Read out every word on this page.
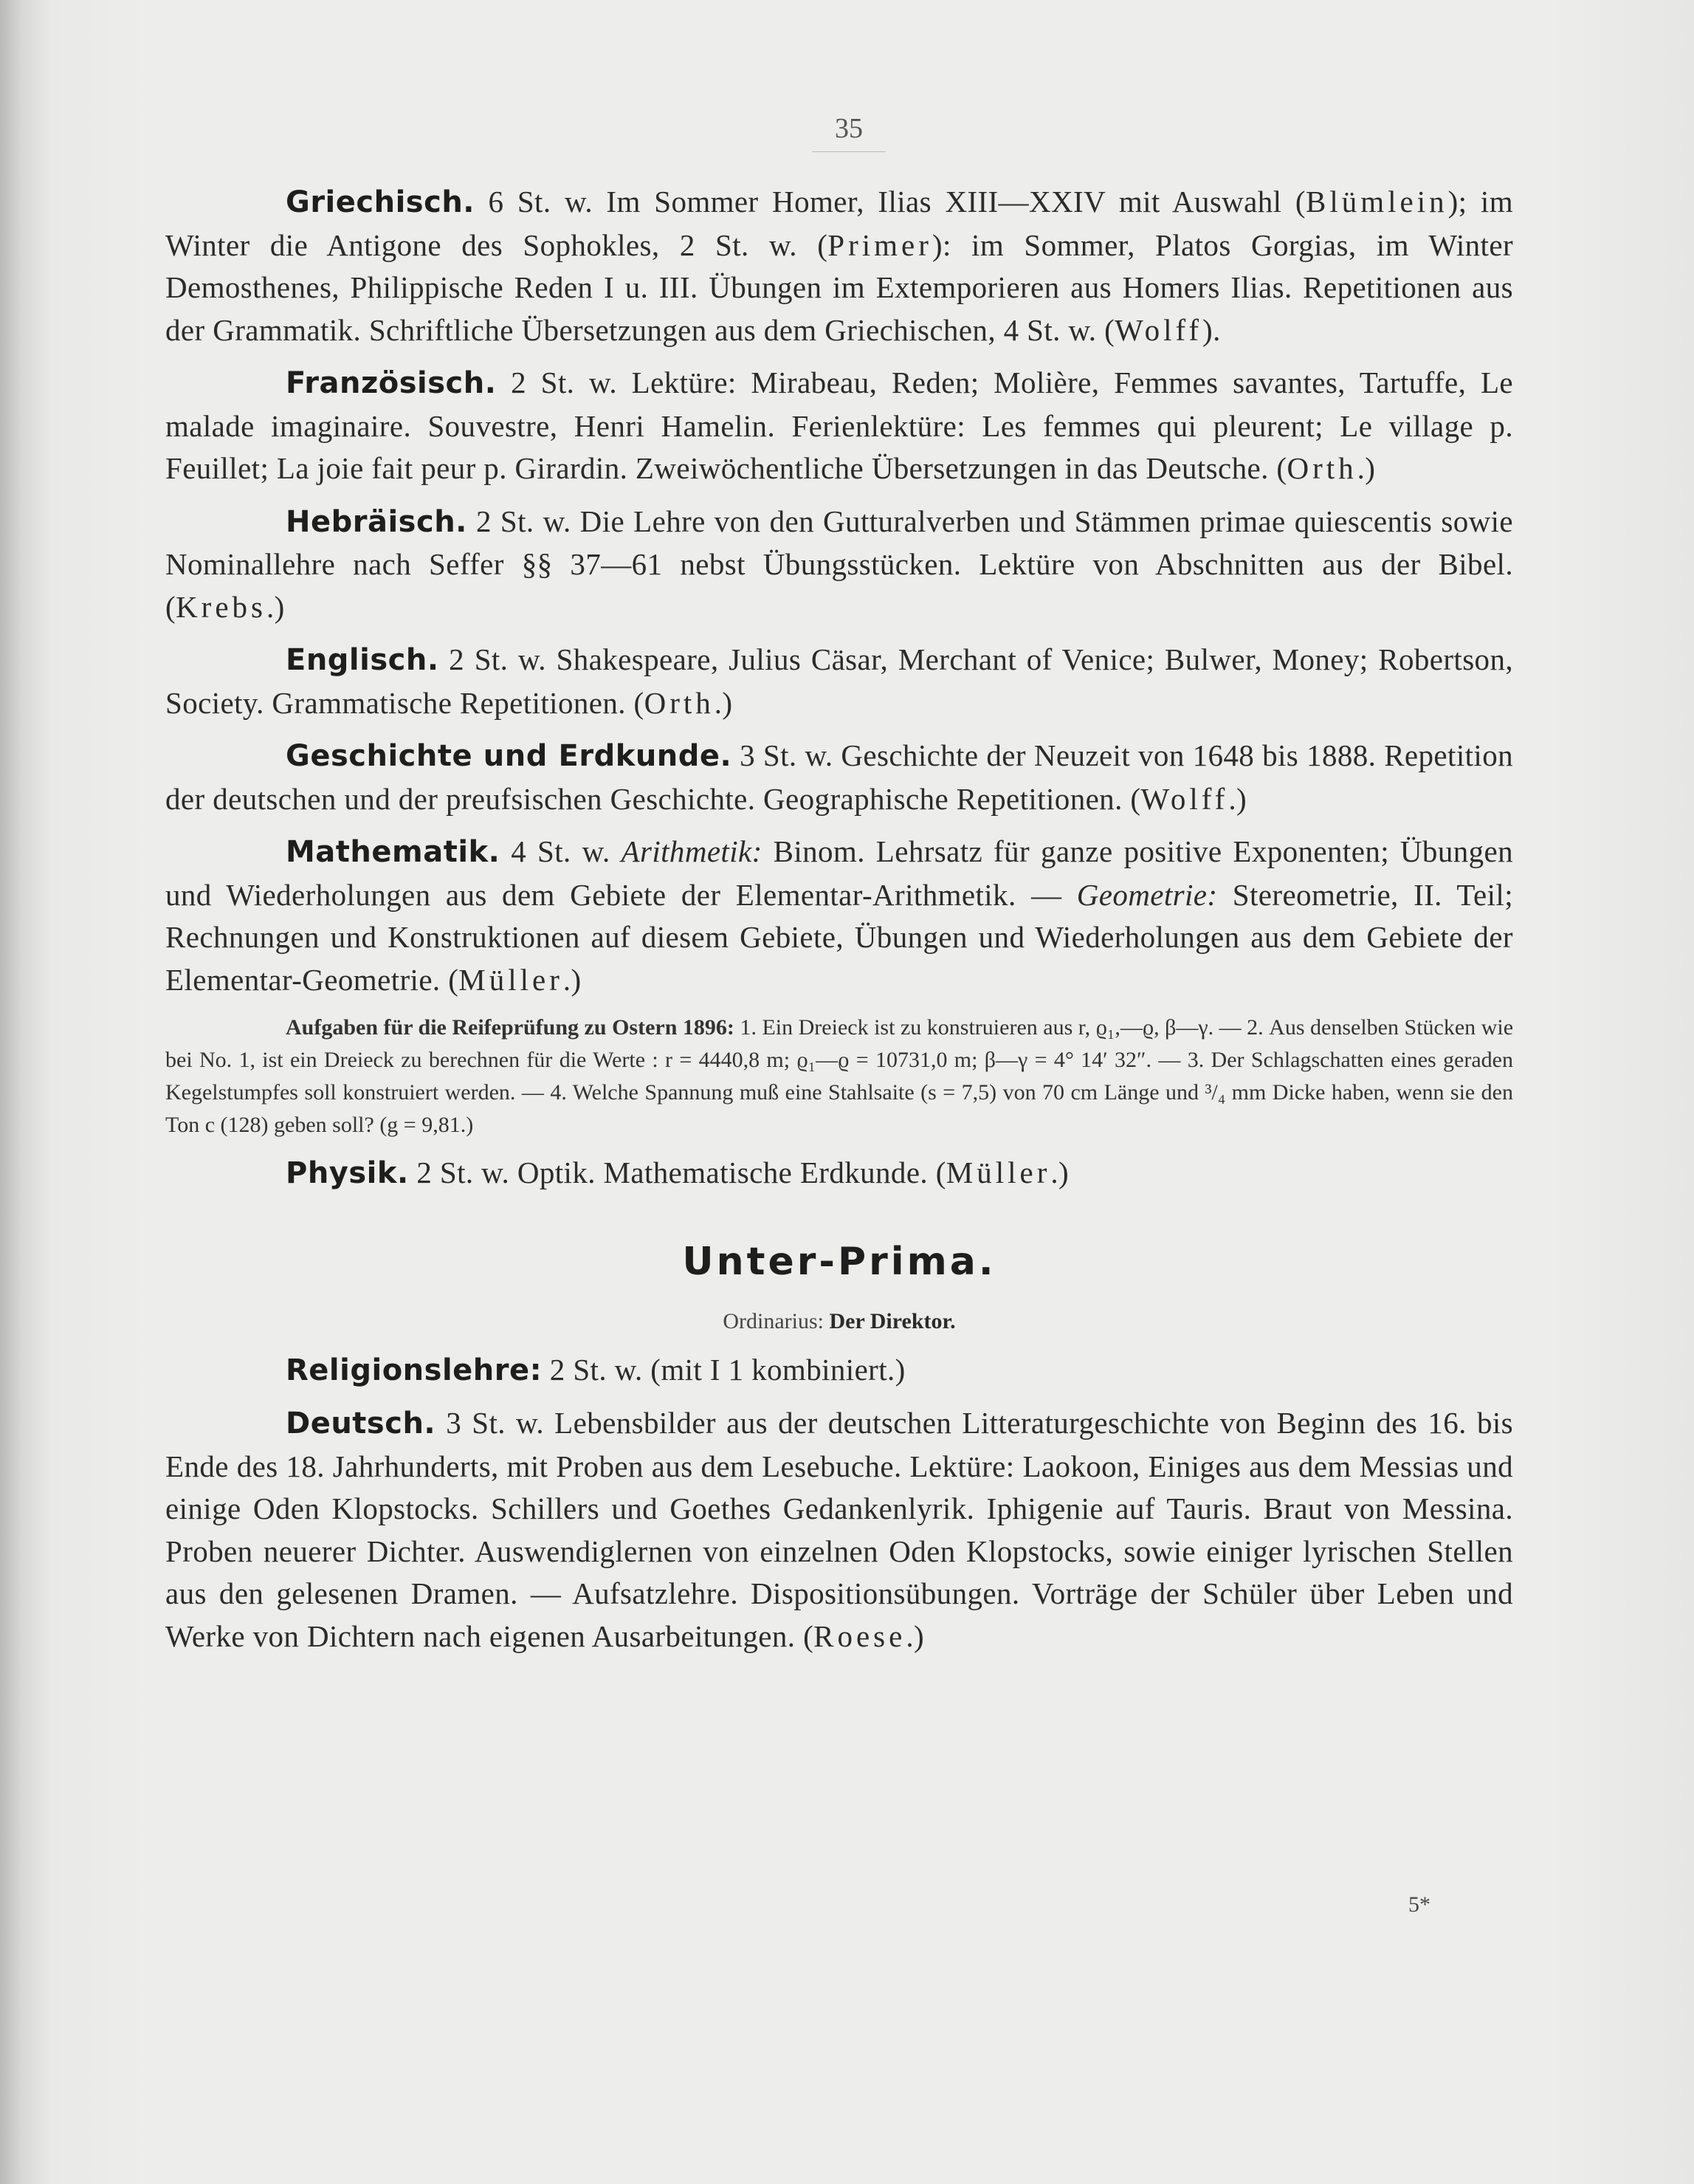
35

Griechisch. 6 St. w. Im Sommer Homer, Ilias XIII—XXIV mit Auswahl (Blümlein); im Winter die Antigone des Sophokles, 2 St. w. (Primer): im Sommer, Platos Gorgias, im Winter Demosthenes, Philippische Reden I u. III. Übungen im Extemporieren aus Homers Ilias. Repetitionen aus der Grammatik. Schriftliche Übersetzungen aus dem Griechischen, 4 St. w. (Wolff).

Französisch. 2 St. w. Lektüre: Mirabeau, Reden; Molière, Femmes savantes, Tartuffe, Le malade imaginaire. Souvestre, Henri Hamelin. Ferienlektüre: Les femmes qui pleurent; Le village p. Feuillet; La joie fait peur p. Girardin. Zweiwöchentliche Übersetzungen in das Deutsche. (Orth.)

Hebräisch. 2 St. w. Die Lehre von den Gutturalverben und Stämmen primae quiescentis sowie Nominallehre nach Seffer §§ 37—61 nebst Übungsstücken. Lektüre von Abschnitten aus der Bibel. (Krebs.)

Englisch. 2 St. w. Shakespeare, Julius Cäsar, Merchant of Venice; Bulwer, Money; Robertson, Society. Grammatische Repetitionen. (Orth.)

Geschichte und Erdkunde. 3 St. w. Geschichte der Neuzeit von 1648 bis 1888. Repetition der deutschen und der preufsischen Geschichte. Geographische Repetitionen. (Wolff.)

Mathematik. 4 St. w. Arithmetik: Binom. Lehrsatz für ganze positive Exponenten; Übungen und Wiederholungen aus dem Gebiete der Elementar-Arithmetik. — Geometrie: Stereometrie, II. Teil; Rechnungen und Konstruktionen auf diesem Gebiete, Übungen und Wiederholungen aus dem Gebiete der Elementar-Geometrie. (Müller.)

Aufgaben für die Reifeprüfung zu Ostern 1896: 1. Ein Dreieck ist zu konstruieren aus r, ϱ₁,—ϱ, β—γ. — 2. Aus denselben Stücken wie bei No. 1, ist ein Dreieck zu berechnen für die Werte : r = 4440,8 m; ϱ₁—ϱ = 10731,0 m; β—γ = 4° 14′ 32″. — 3. Der Schlagschatten eines geraden Kegelstumpfes soll konstruiert werden. — 4. Welche Spannung muß eine Stahlsaite (s = 7,5) von 70 cm Länge und ³/₄ mm Dicke haben, wenn sie den Ton c (128) geben soll? (g = 9,81.)

Physik. 2 St. w. Optik. Mathematische Erdkunde. (Müller.)

Unter-Prima.
Ordinarius: Der Direktor.

Religionslehre: 2 St. w. (mit I 1 kombiniert.)

Deutsch. 3 St. w. Lebensbilder aus der deutschen Litteraturgeschichte von Beginn des 16. bis Ende des 18. Jahrhunderts, mit Proben aus dem Lesebuche. Lektüre: Laokoon, Einiges aus dem Messias und einige Oden Klopstocks. Schillers und Goethes Gedankenlyrik. Iphigenie auf Tauris. Braut von Messina. Proben neuerer Dichter. Auswendiglernen von einzelnen Oden Klopstocks, sowie einiger lyrischen Stellen aus den gelesenen Dramen. — Aufsatzlehre. Dispositionsübungen. Vorträge der Schüler über Leben und Werke von Dichtern nach eigenen Ausarbeitungen. (Roese.)

5*
